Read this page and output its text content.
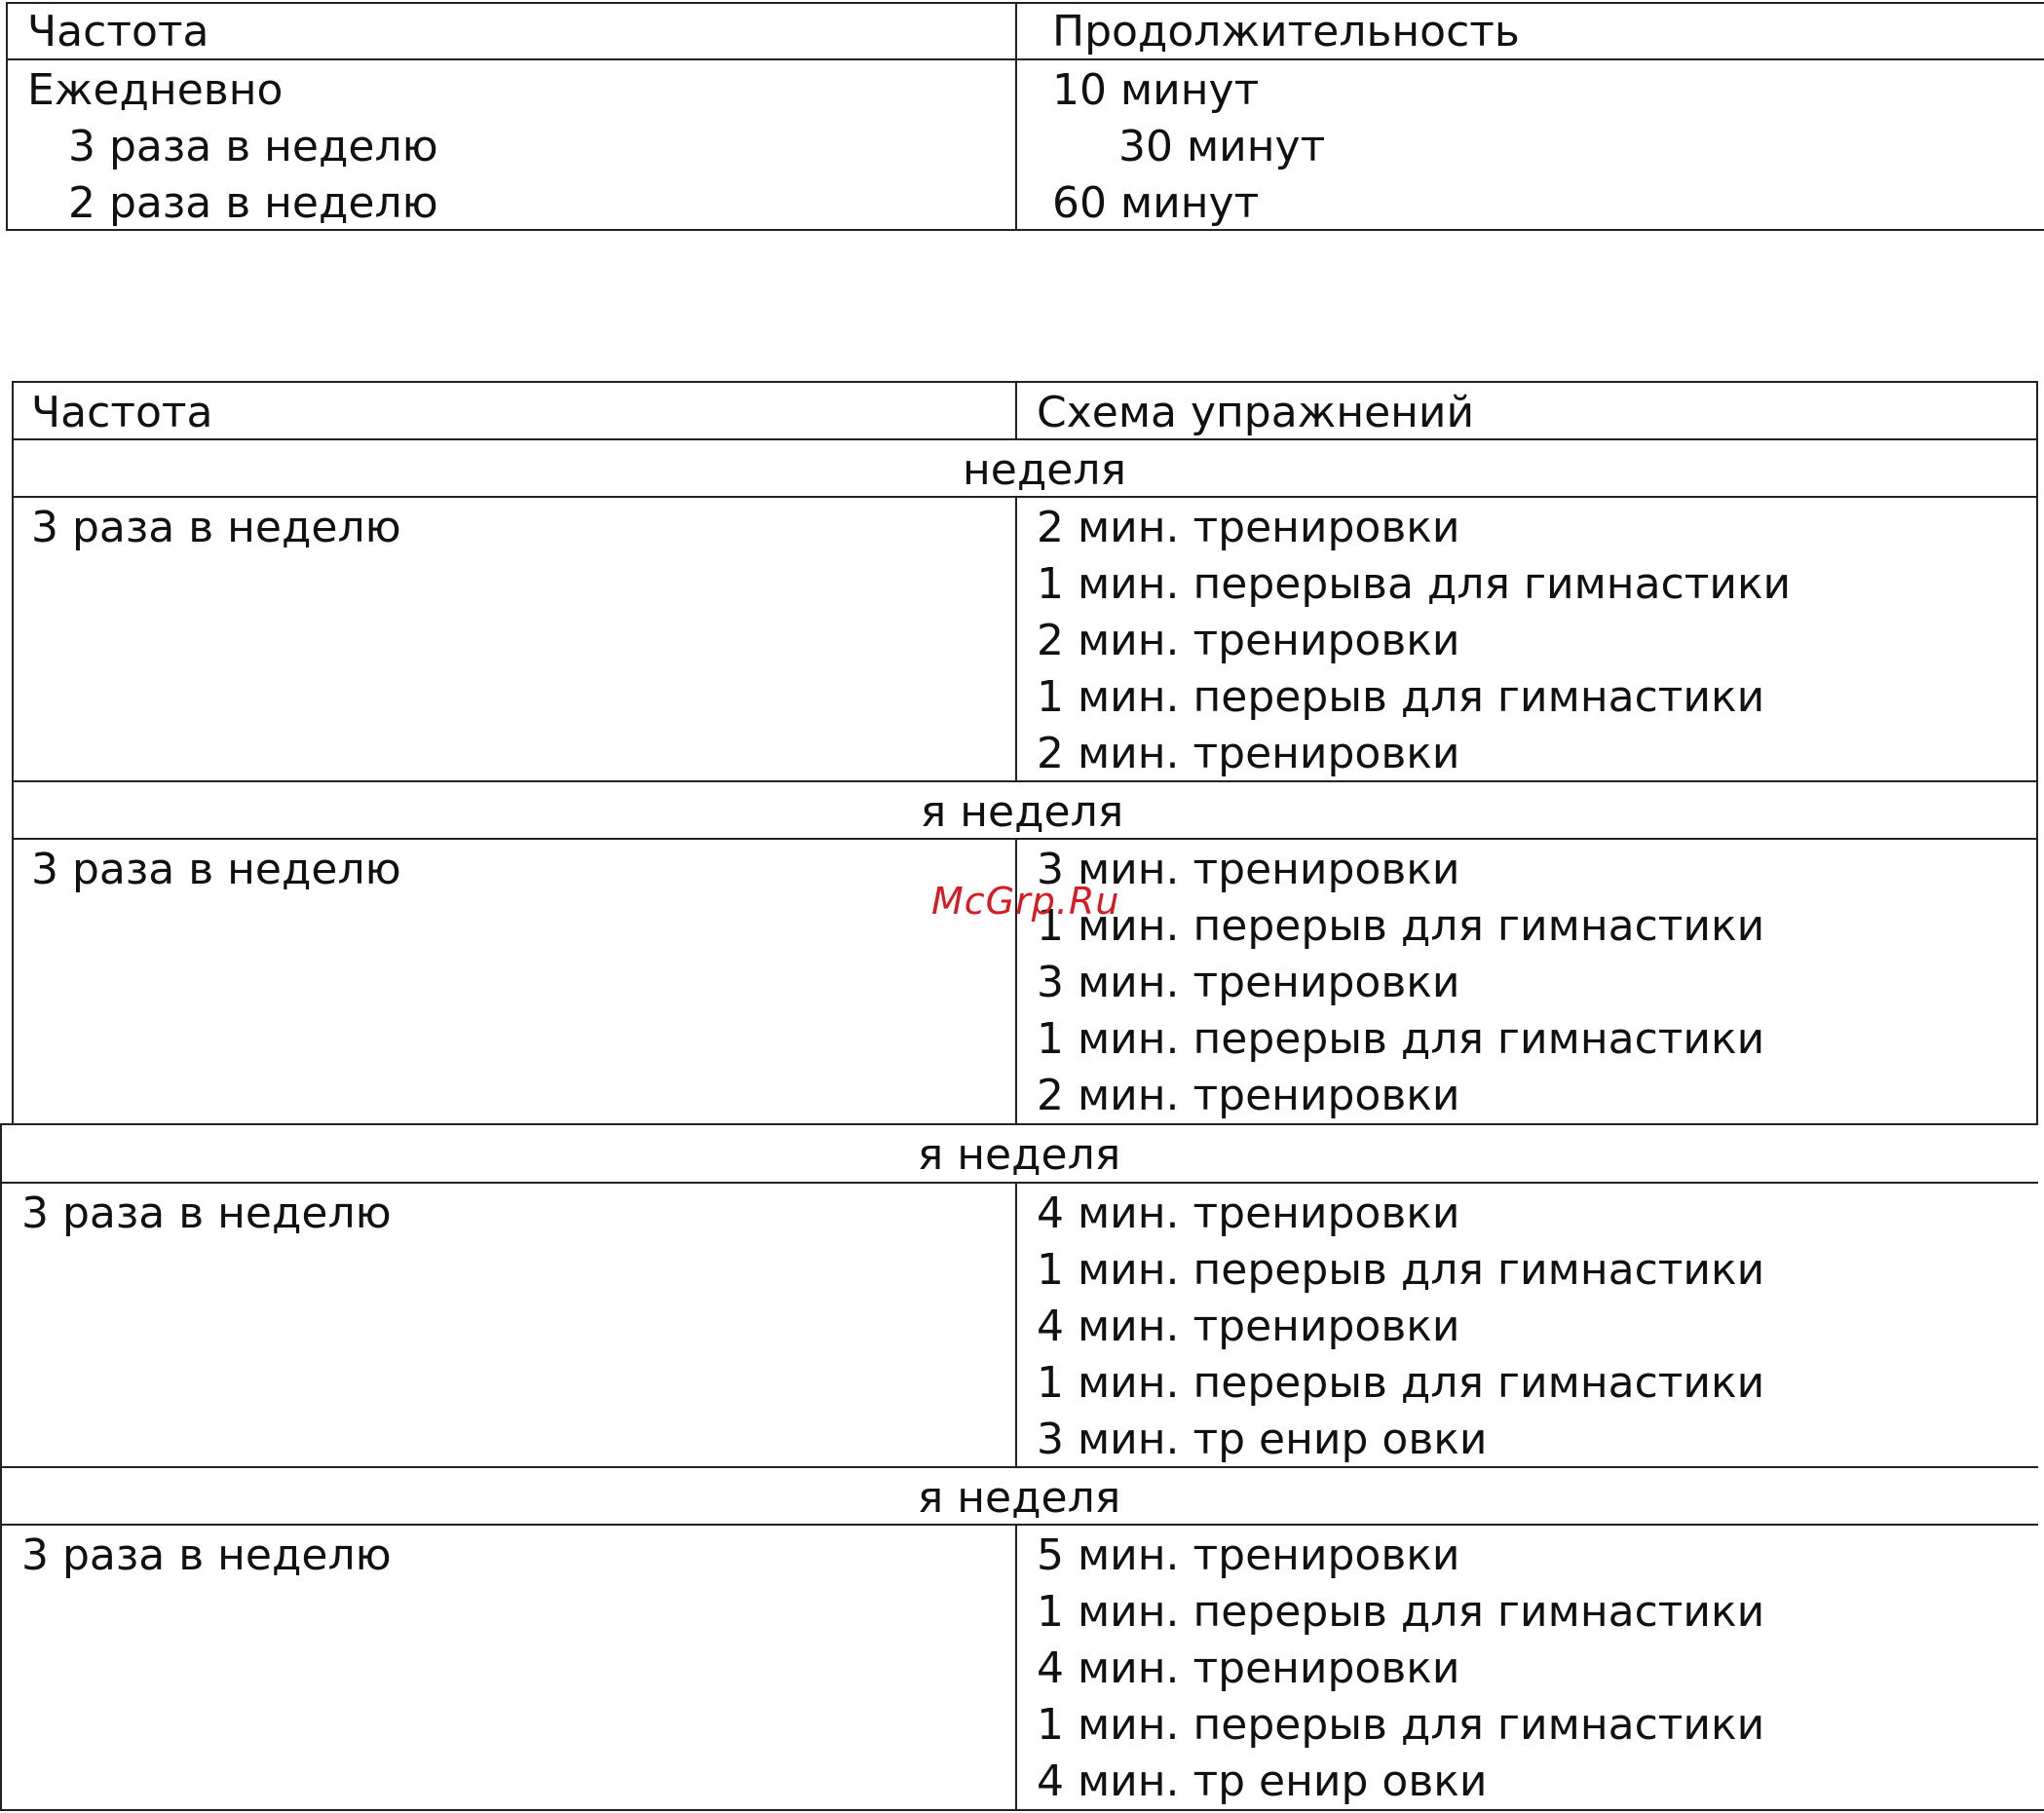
Частота	Продолжительность
Ежедневно	10 минут
3 раза в неделю	30 минут
2 раза в неделю	60 минут
Частота	Схема упражнений
неделя
3 раза в неделю	2 мин. тренировки
1 мин. перерыва для гимнастики
2 мин. тренировки
1 мин. перерыв для гимнастики
2 мин. тренировки
я неделя
3 раза в неделю	3 мин. тренировки
1 мин. перерыв для гимнастики
3 мин. тренировки
1 мин. перерыв для гимнастики
2 мин. тренировки
я неделя
3 раза в неделю	4 мин. тренировки
1 мин. перерыв для гимнастики
4 мин. тренировки
1 мин. перерыв для гимнастики
3 мин. тр енир овки
я неделя
3 раза в неделю	5 мин. тренировки
1 мин. перерыв для гимнастики
4 мин. тренировки
1 мин. перерыв для гимнастики
4 мин. тр енир овки
McGrp.Ru
